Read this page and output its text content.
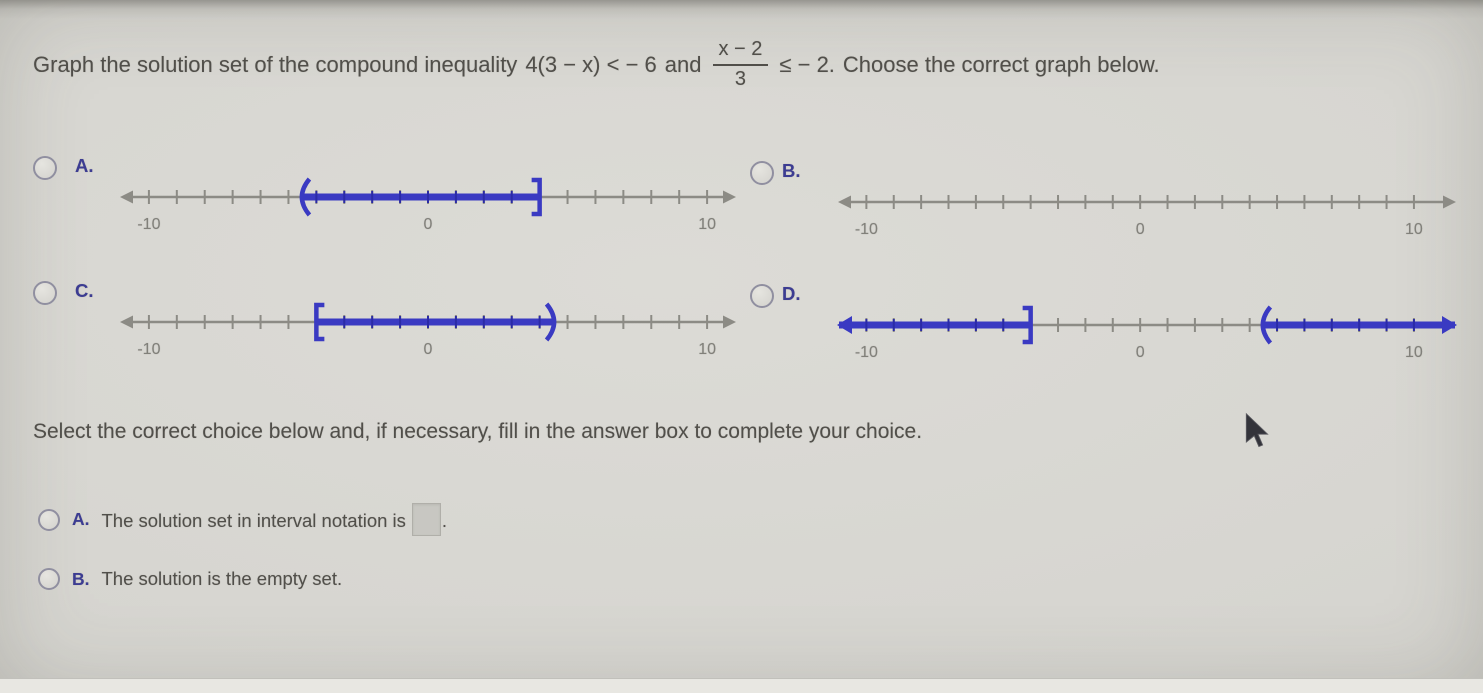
Graph the solution set of the compound inequality 4(3 − x) < − 6 and $\frac{x - 2}{3}$ ≤ − 2. Choose the correct graph below.
A.
-10	0	10
B.
-10	0	10
C.
-10	0	10
D.
-10	0	10
Select the correct choice below and, if necessary, fill in the answer box to complete your choice.
A. The solution set in interval notation is .
B. The solution is the empty set.
